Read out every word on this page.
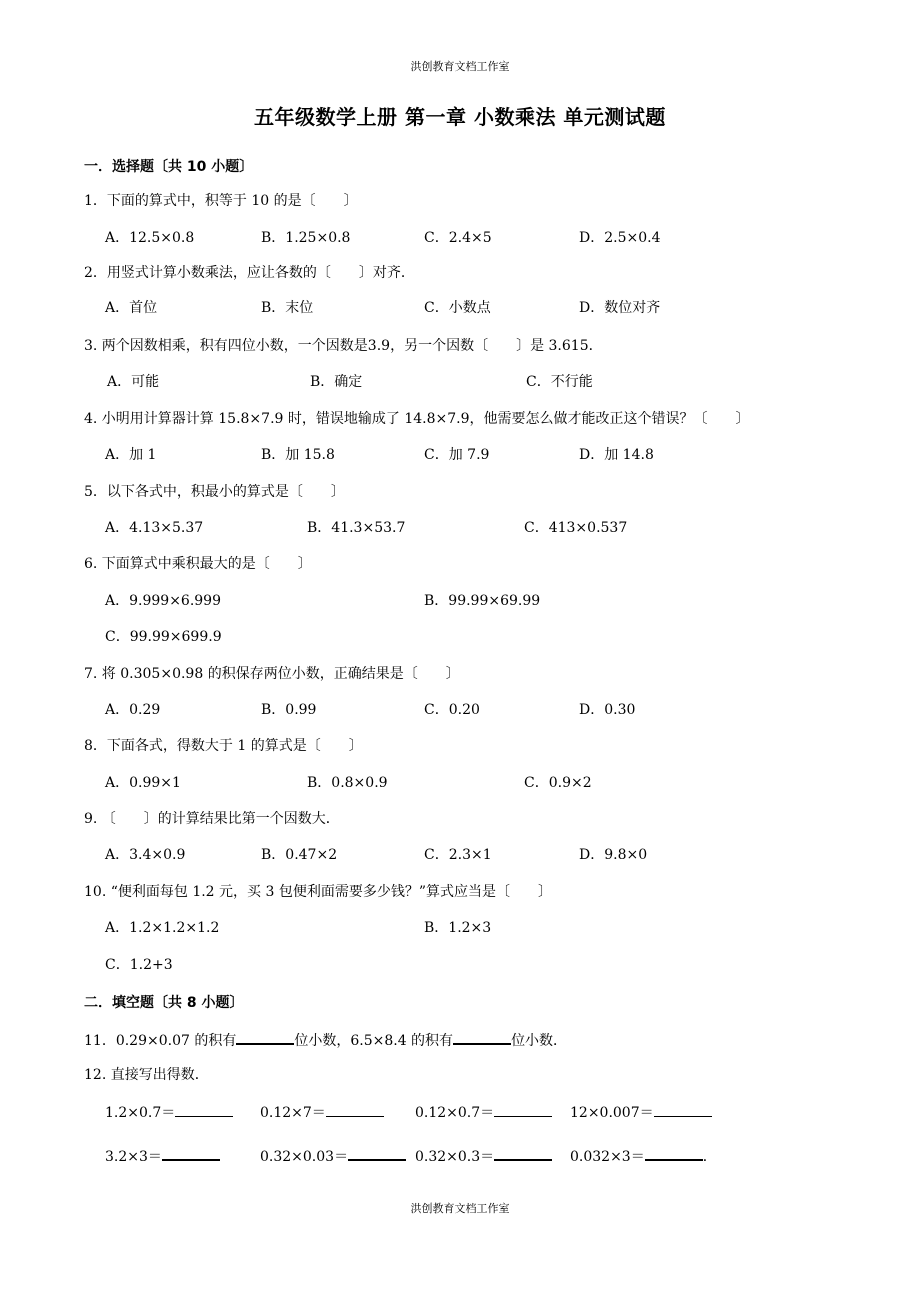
洪创教育文档工作室
五年级数学上册 第一章 小数乘法 单元测试题
一．选择题〔共 10 小题〕
1．下面的算式中，积等于 10 的是〔　　〕
A．12.5×0.8	B．1.25×0.8	C．2.4×5	D．2.5×0.4
2．用竖式计算小数乘法，应让各数的〔　　〕对齐．
A．首位	B．末位	C．小数点	D．数位对齐
3. 两个因数相乘，积有四位小数，一个因数是3.9，另一个因数〔　　〕是 3.615．
A．可能	B．确定	C．不行能
4. 小明用计算器计算 15.8×7.9 时，错误地输成了 14.8×7.9，他需要怎么做才能改正这个错误？〔　　〕
A．加 1	B．加 15.8	C．加 7.9	D．加 14.8
5．以下各式中，积最小的算式是〔　　〕
A．4.13×5.37	B．41.3×53.7	C．413×0.537
6. 下面算式中乘积最大的是〔　　〕
A．9.999×6.999	B．99.99×69.99
C．99.99×699.9
7. 将 0.305×0.98 的积保存两位小数，正确结果是〔　　〕
A．0.29	B．0.99	C．0.20	D．0.30
8．下面各式，得数大于 1 的算式是〔　　〕
A．0.99×1	B．0.8×0.9	C．0.9×2
9. 〔　　〕的计算结果比第一个因数大．
A．3.4×0.9	B．0.47×2	C．2.3×1	D．9.8×0
10. “便利面每包 1.2 元，买 3 包便利面需要多少钱？”算式应当是〔　　〕
A．1.2×1.2×1.2	B．1.2×3
C．1.2+3
二．填空题〔共 8 小题〕
11．0.29×0.07 的积有	位小数，6.5×8.4 的积有	位小数．
12. 直接写出得数．
1.2×0.7＝	0.12×7＝	0.12×0.7＝	12×0.007＝
3.2×3＝	0.32×0.03＝	0.32×0.3＝	0.032×3＝	．
洪创教育文档工作室
